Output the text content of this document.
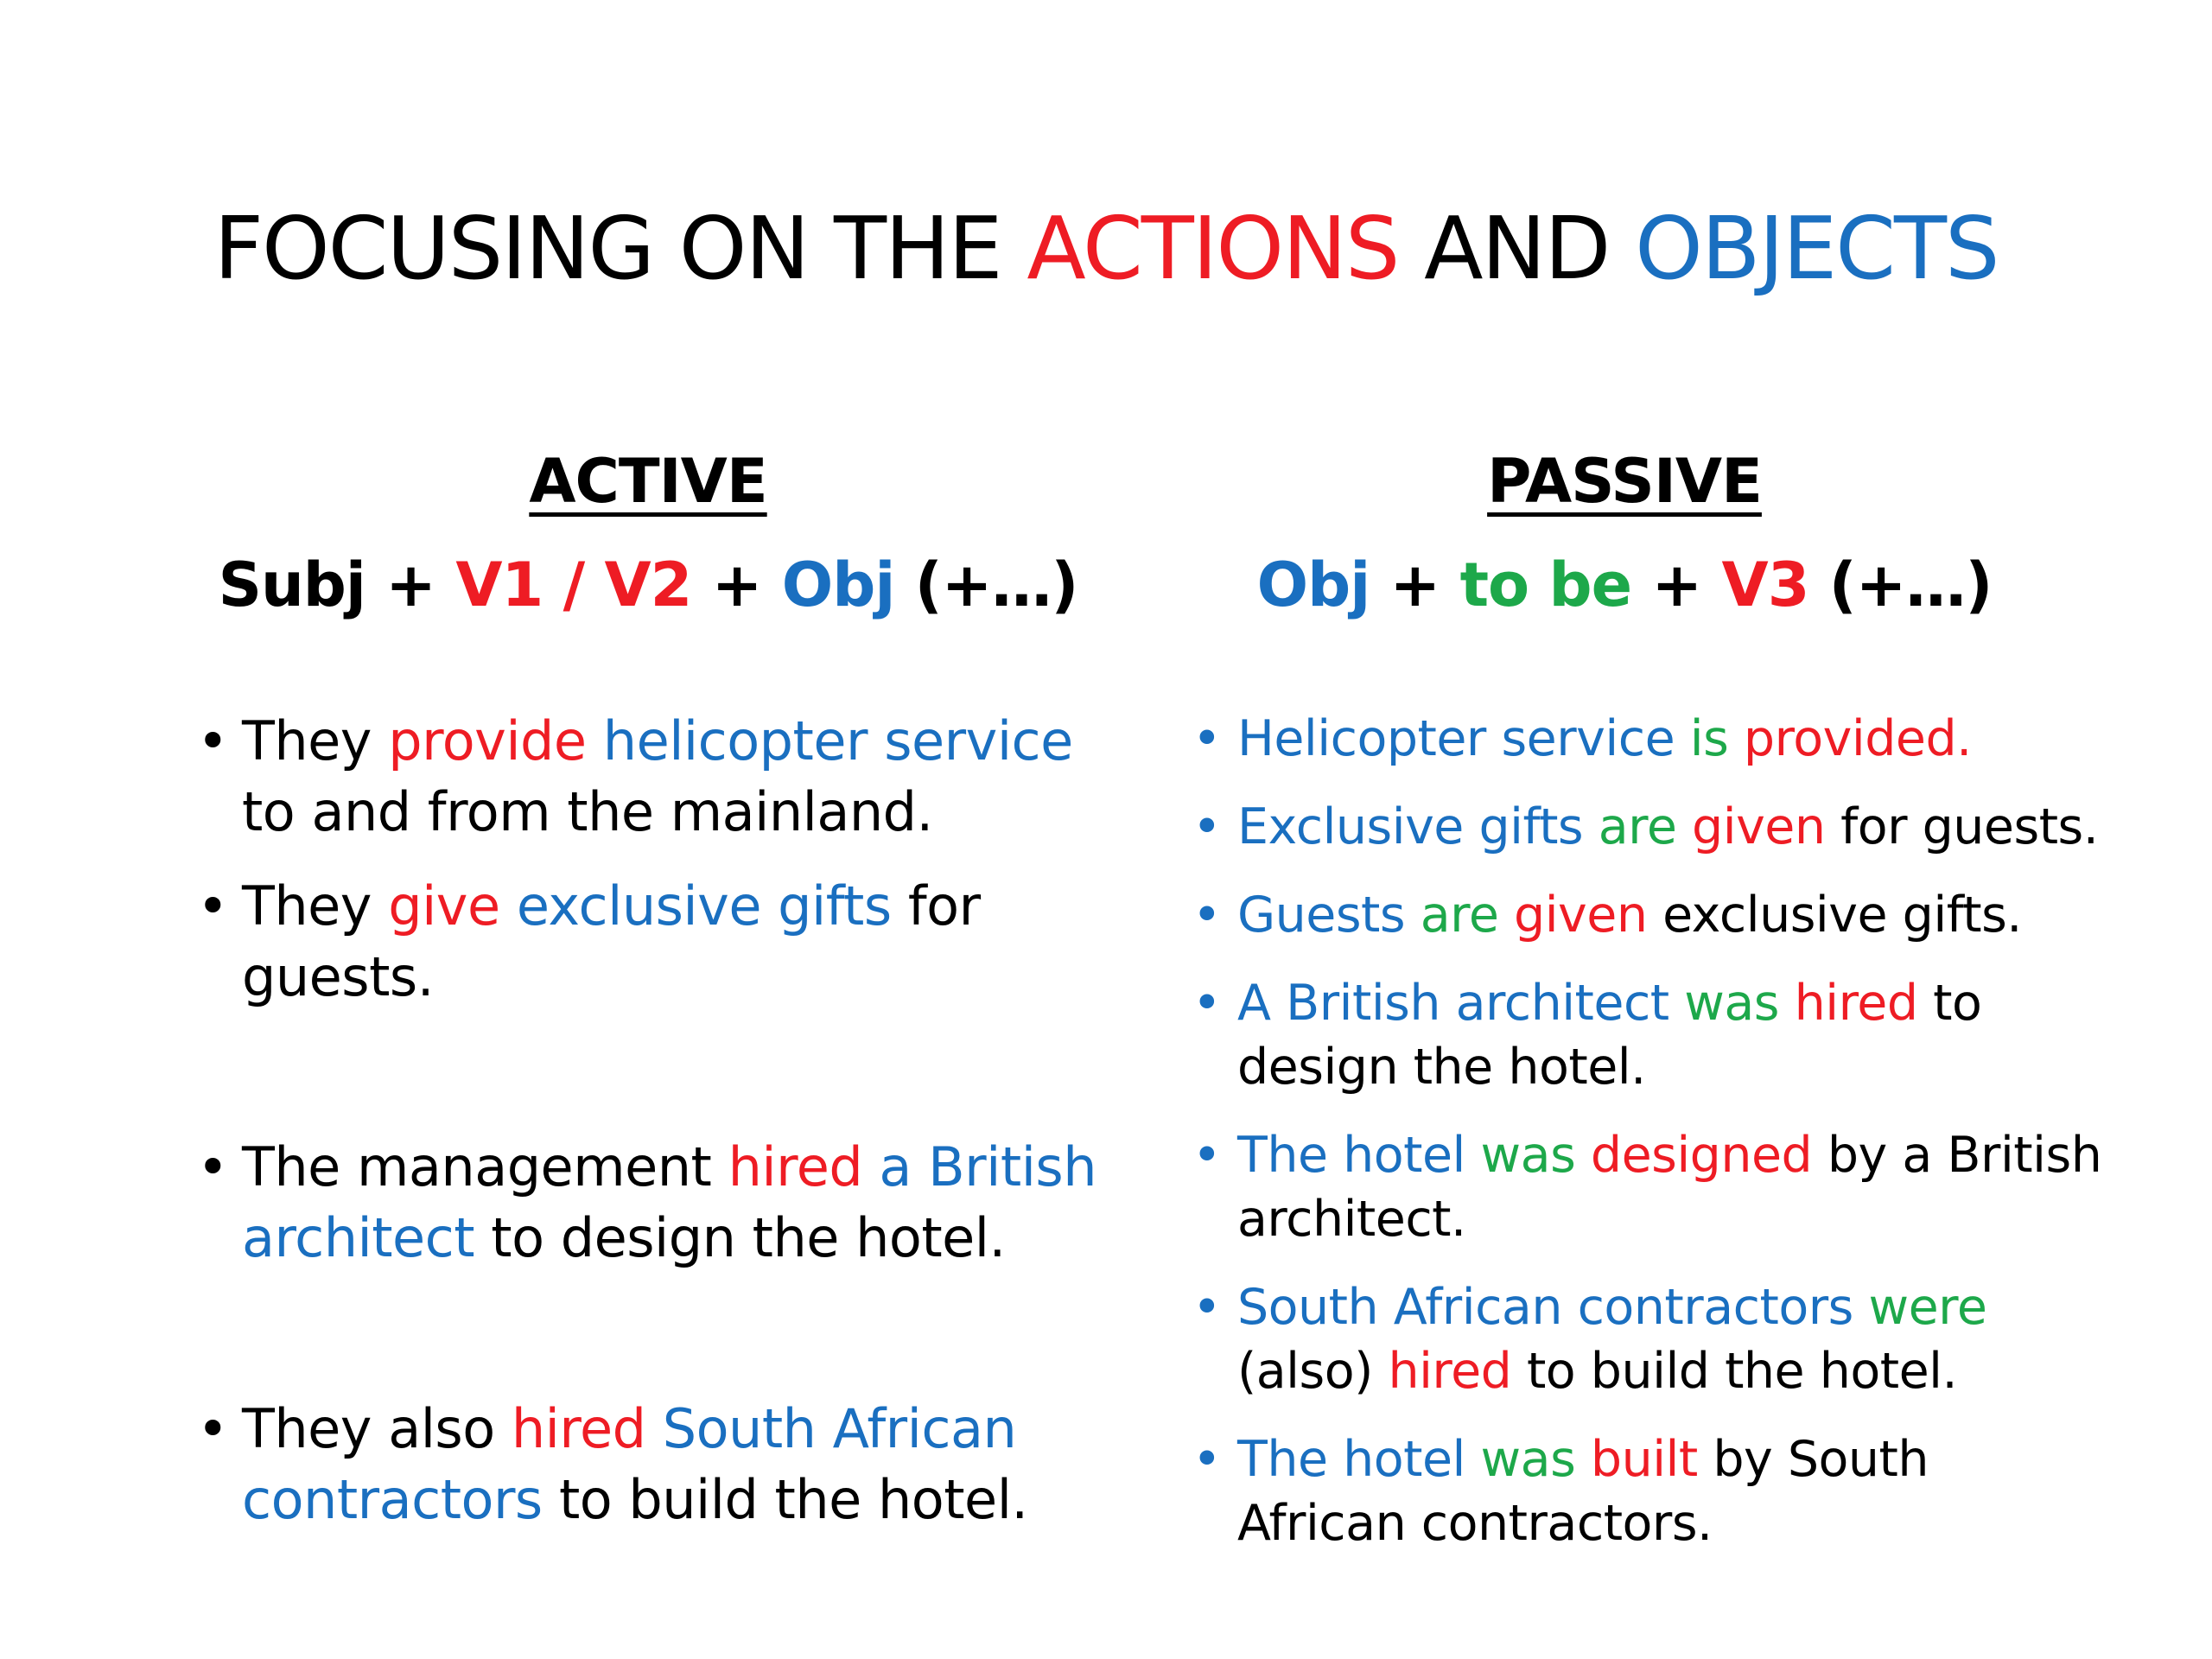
FOCUSING ON THE ACTIONS AND OBJECTS
ACTIVE
Subj + V1 / V2 + Obj (+…)
PASSIVE
Obj + to be + V3 (+…)
• They provide helicopter service
to and from the mainland.
• They give exclusive gifts for
guests.
• The management hired a British
architect to design the hotel.
• They also hired South African
contractors to build the hotel.
• Helicopter service is provided.
• Exclusive gifts are given for guests.
• Guests are given exclusive gifts.
• A British architect was hired to
design the hotel.
• The hotel was designed by a British
architect.
• South African contractors were
(also) hired to build the hotel.
• The hotel was built by South
African contractors.
